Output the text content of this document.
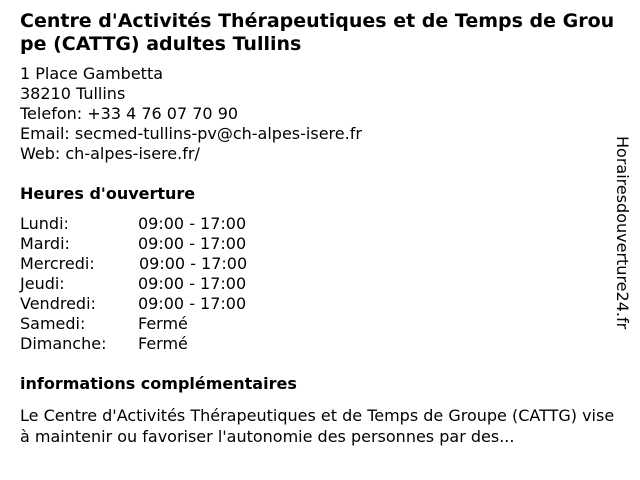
Centre d'Activités Thérapeutiques et de Temps de Groupe (CATTG) adultes Tullins
1 Place Gambetta
38210 Tullins
Telefon: +33 4 76 07 70 90
Email: secmed-tullins-pv@ch-alpes-isere.fr
Web: ch-alpes-isere.fr/
Heures d'ouverture
Lundi:	09:00 - 17:00
Mardi:	09:00 - 17:00
Mercredi:	09:00 - 17:00
Jeudi:	09:00 - 17:00
Vendredi:	09:00 - 17:00
Samedi:	Fermé
Dimanche: Fermé
informations complémentaires
Le Centre d'Activités Thérapeutiques et de Temps de Groupe (CATTG) vise à maintenir ou favoriser l'autonomie des personnes par des...
Horairesdouverture24.fr
